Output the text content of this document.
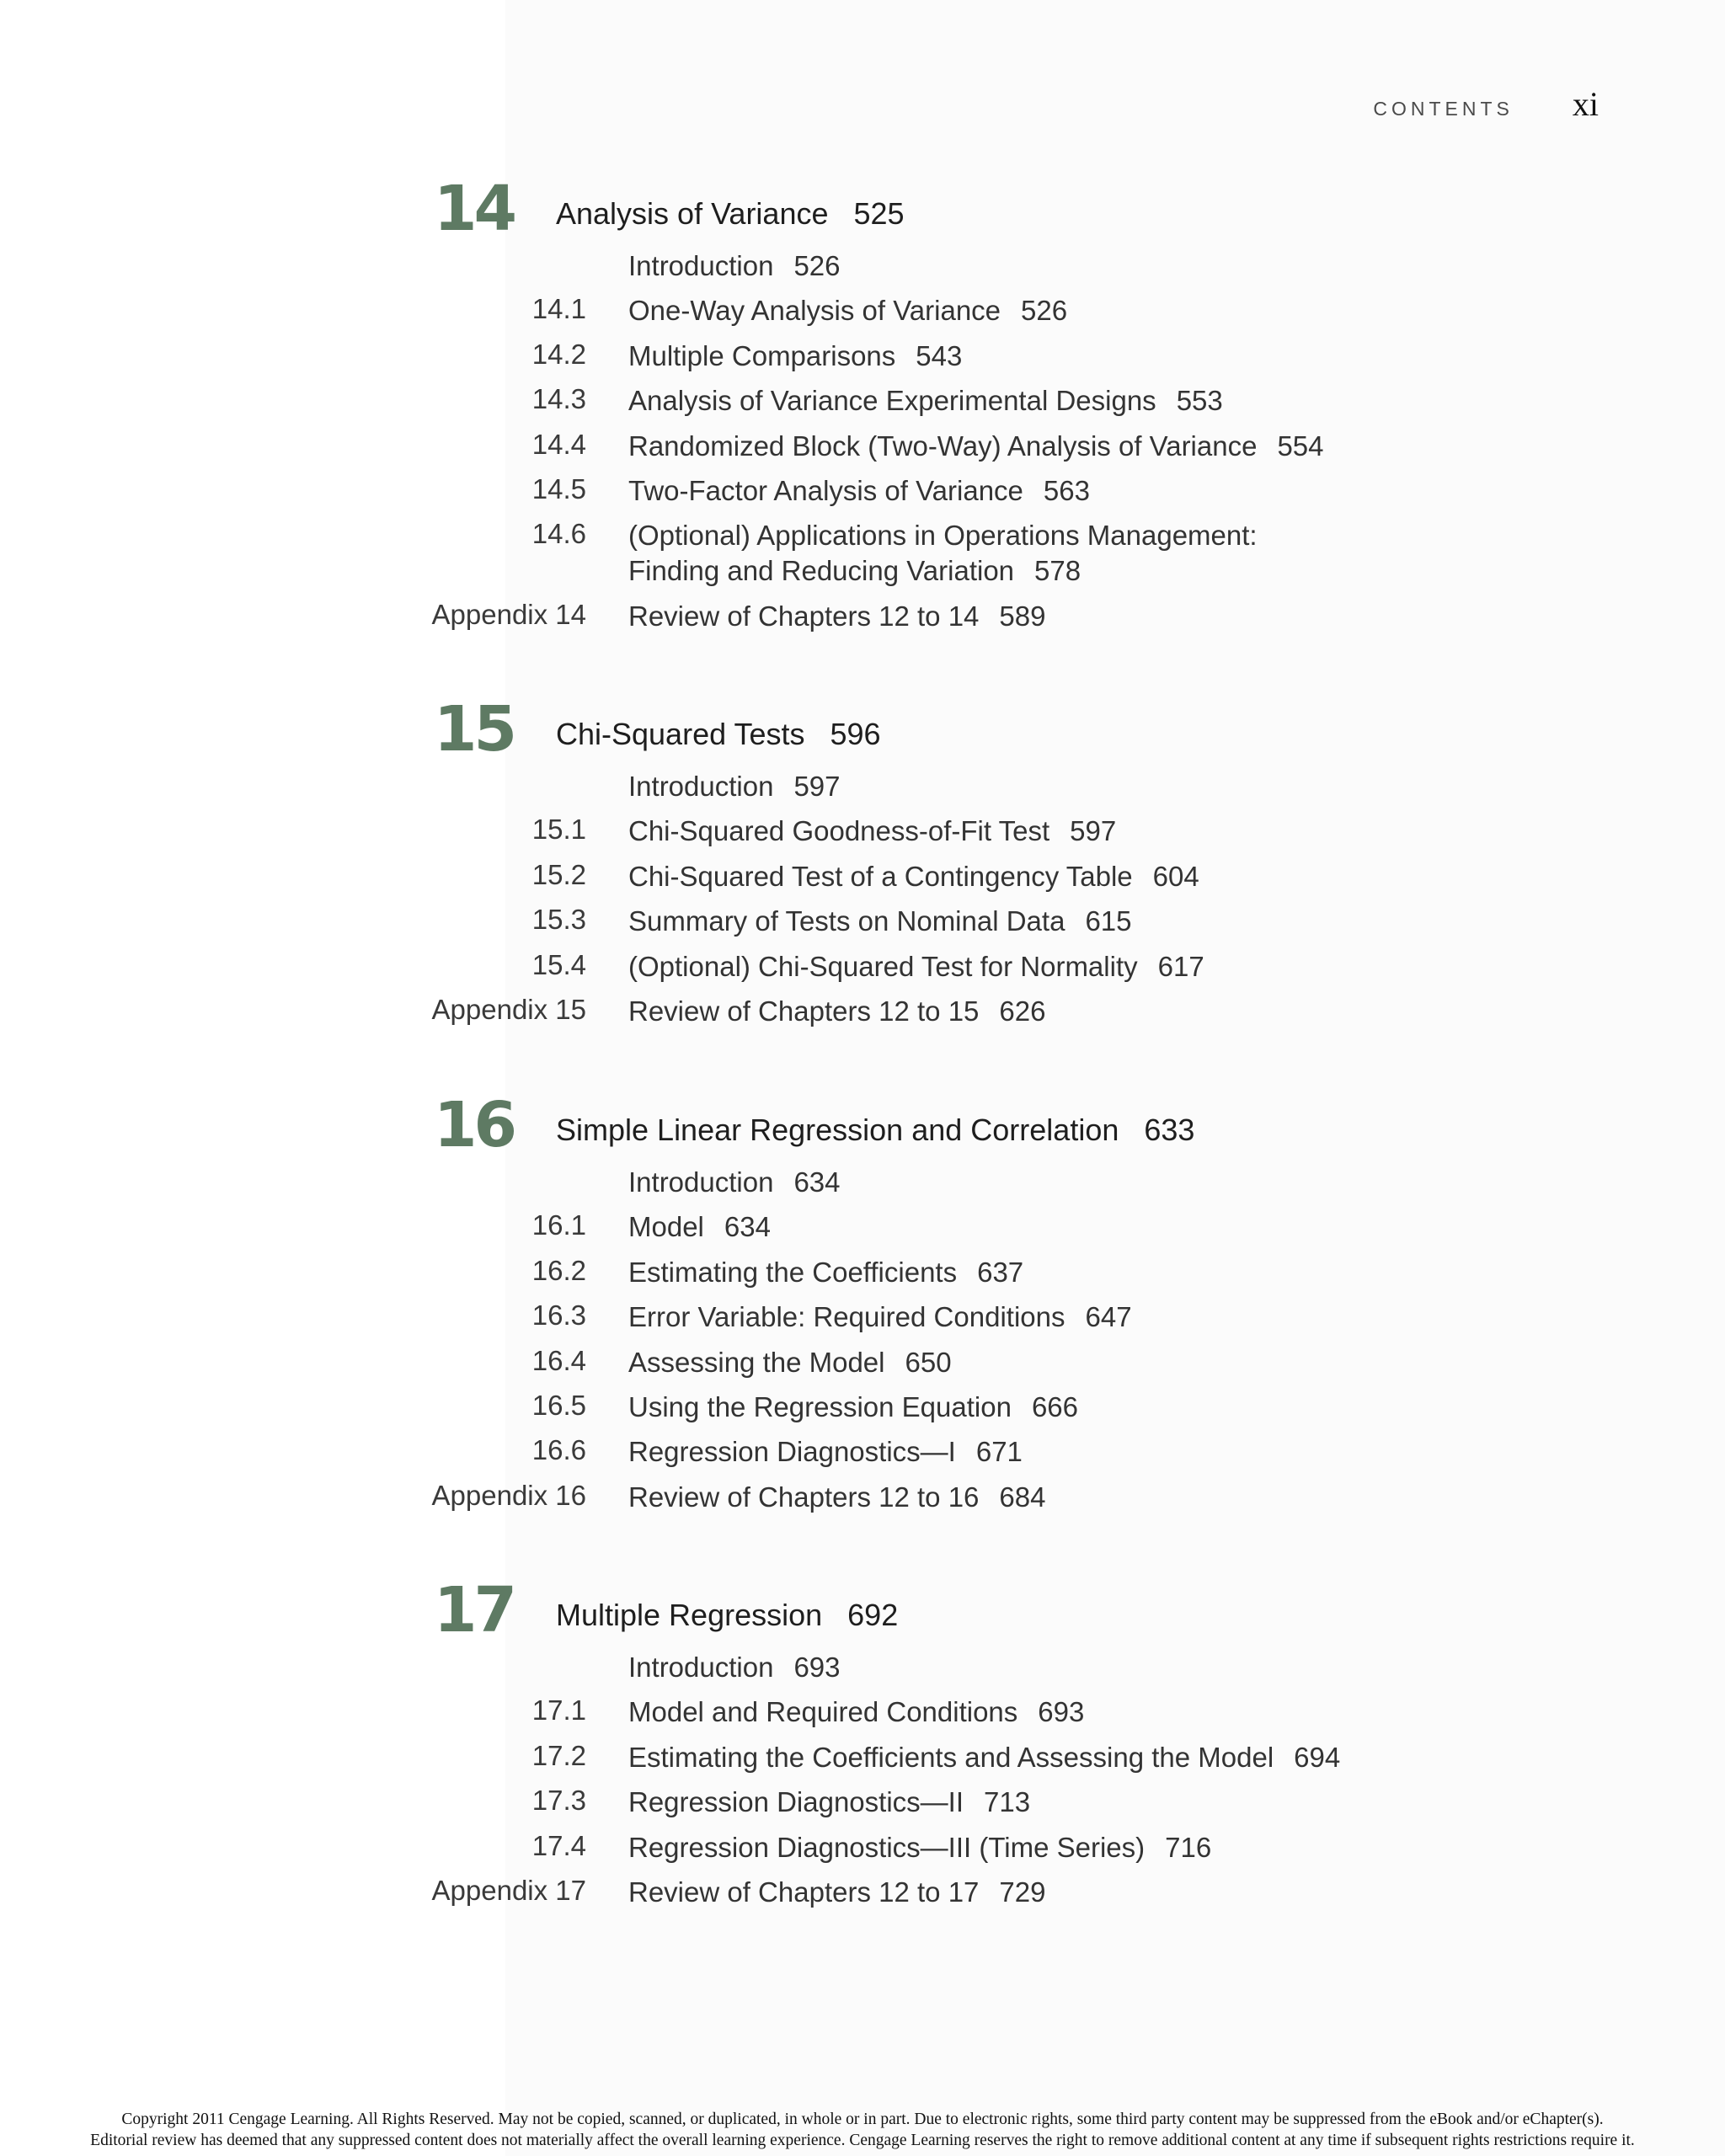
CONTENTS xi
14 Analysis of Variance 525
Introduction 526
14.1 One-Way Analysis of Variance 526
14.2 Multiple Comparisons 543
14.3 Analysis of Variance Experimental Designs 553
14.4 Randomized Block (Two-Way) Analysis of Variance 554
14.5 Two-Factor Analysis of Variance 563
14.6 (Optional) Applications in Operations Management:
Finding and Reducing Variation 578
Appendix 14 Review of Chapters 12 to 14 589
15 Chi-Squared Tests 596
Introduction 597
15.1 Chi-Squared Goodness-of-Fit Test 597
15.2 Chi-Squared Test of a Contingency Table 604
15.3 Summary of Tests on Nominal Data 615
15.4 (Optional) Chi-Squared Test for Normality 617
Appendix 15 Review of Chapters 12 to 15 626
16 Simple Linear Regression and Correlation 633
Introduction 634
16.1 Model 634
16.2 Estimating the Coefficients 637
16.3 Error Variable: Required Conditions 647
16.4 Assessing the Model 650
16.5 Using the Regression Equation 666
16.6 Regression Diagnostics—I 671
Appendix 16 Review of Chapters 12 to 16 684
17 Multiple Regression 692
Introduction 693
17.1 Model and Required Conditions 693
17.2 Estimating the Coefficients and Assessing the Model 694
17.3 Regression Diagnostics—II 713
17.4 Regression Diagnostics—III (Time Series) 716
Appendix 17 Review of Chapters 12 to 17 729
Copyright 2011 Cengage Learning. All Rights Reserved. May not be copied, scanned, or duplicated, in whole or in part. Due to electronic rights, some third party content may be suppressed from the eBook and/or eChapter(s).
Editorial review has deemed that any suppressed content does not materially affect the overall learning experience. Cengage Learning reserves the right to remove additional content at any time if subsequent rights restrictions require it.
